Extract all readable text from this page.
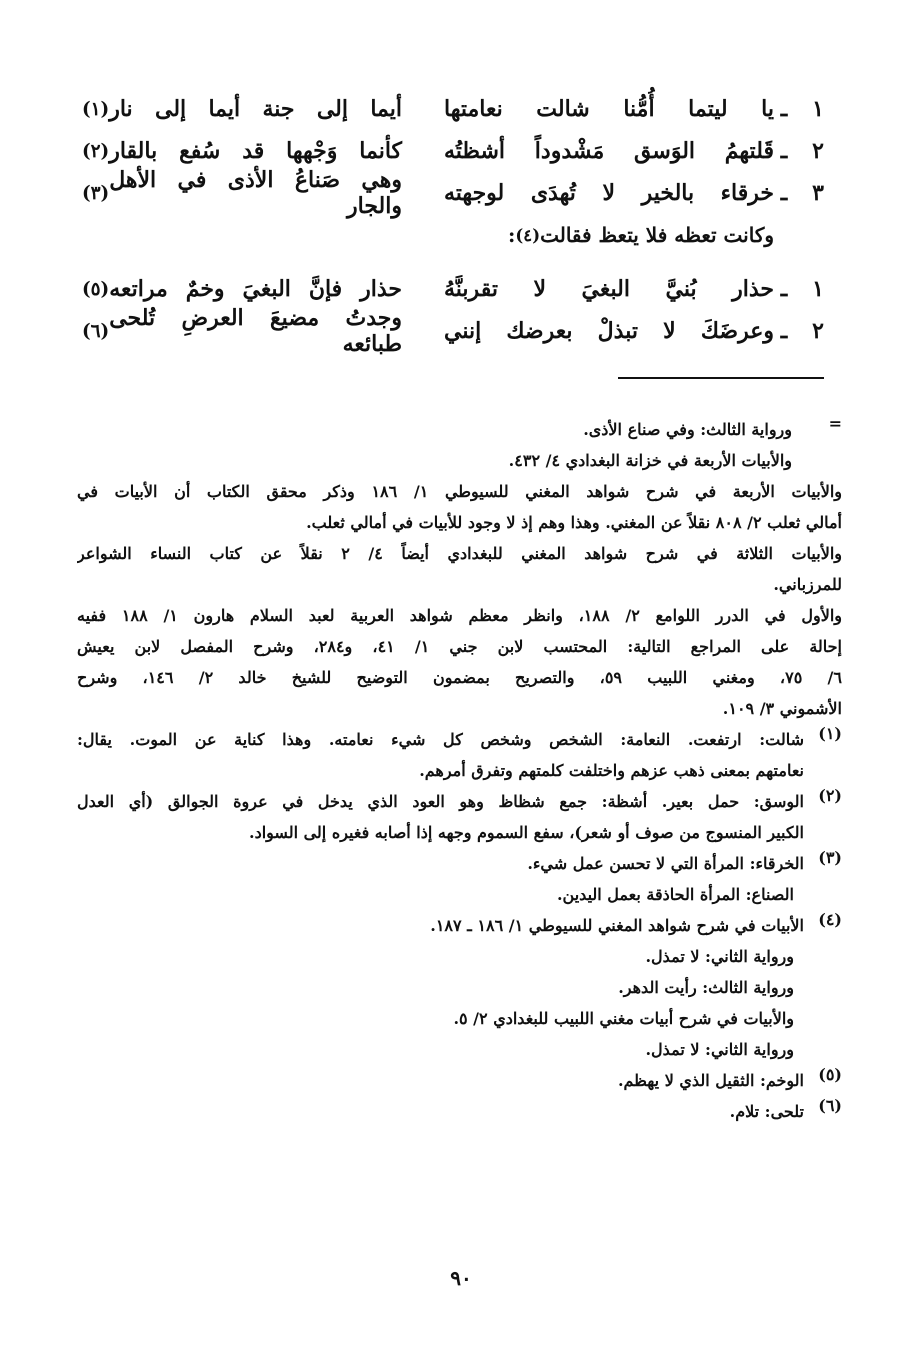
١
ـ
يا ليتما أُمُّنا شالت نعامتها
أيما إلى جنة أيما إلى نار
(١)
٢
ـ
قَلتهمُ الوَسق مَشْدوداً أشظتُه
كأنما وَجْهها قد سُفع بالقار
(٢)
٣
ـ
خرقاء بالخير لا تُهدَى لوجهته
وهي صَناعُ الأذى في الأهل والجار
(٣)
وكانت تعظه فلا يتعظ فقالت
(٤)
:
١
ـ
حذار بُنيَّ البغيَ لا تقربنَّهُ
حذار فإنَّ البغيَ وخمٌ مراتعه
(٥)
٢
ـ
وعرضَكَ لا تبذلْ بعرضك إنني
وجدتُ مضيعَ العرضِ تُلحى طبائعه
(٦)
=
ورواية الثالث: وفي صناع الأذى.
والأبيات الأربعة في خزانة البغدادي ٤/ ٤٣٢.
والأبيات الأربعة في شرح شواهد المغني للسيوطي ١/ ١٨٦ وذكر محقق الكتاب أن الأبيات في
أمالي ثعلب ٢/ ٨٠٨ نقلاً عن المغني. وهذا وهم إذ لا وجود للأبيات في أمالي ثعلب.
والأبيات الثلاثة في شرح شواهد المغني للبغدادي أيضاً ٤/ ٢ نقلاً عن كتاب النساء الشواعر
للمرزباني.
والأول في الدرر اللوامع ٢/ ١٨٨، وانظر معظم شواهد العربية لعبد السلام هارون ١/ ١٨٨ ففيه
إحالة على المراجع التالية: المحتسب لابن جني ١/ ٤١، و٢٨٤، وشرح المفصل لابن يعيش
٦/ ٧٥، ومغني اللبيب ٥٩، والتصريح بمضمون التوضيح للشيخ خالد ٢/ ١٤٦، وشرح
الأشموني ٣/ ١٠٩.
(١)
شالت: ارتفعت. النعامة: الشخص وشخص كل شيء نعامته. وهذا كناية عن الموت. يقال:
نعامتهم بمعنى ذهب عزهم واختلفت كلمتهم وتفرق أمرهم.
(٢)
الوسق: حمل بعير. أشظة: جمع شظاظ وهو العود الذي يدخل في عروة الجوالق (أي العدل
الكبير المنسوج من صوف أو شعر)، سفع السموم وجهه إذا أصابه فغيره إلى السواد.
(٣)
الخرقاء: المرأة التي لا تحسن عمل شيء.
الصناع: المرأة الحاذقة بعمل اليدين.
(٤)
الأبيات في شرح شواهد المغني للسيوطي ١/ ١٨٦ ـ ١٨٧.
ورواية الثاني: لا تمذل.
ورواية الثالث: رأيت الدهر.
والأبيات في شرح أبيات مغني اللبيب للبغدادي ٢/ ٥.
ورواية الثاني: لا تمذل.
(٥)
الوخم: الثقيل الذي لا يهظم.
(٦)
تلحى: تلام.
٩٠
